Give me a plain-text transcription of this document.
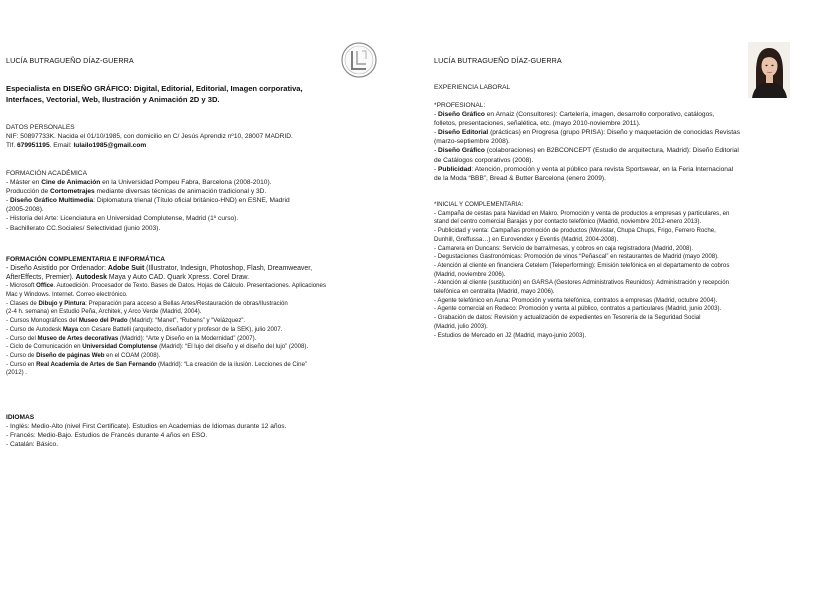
LUCÍA BUTRAGUEÑO DÍAZ-GUERRA
Especialista en DISEÑO GRÁFICO: Digital, Editorial, Editorial, Imagen corporativa,
Interfaces, Vectorial, Web, Ilustración y Animación 2D y 3D.

DATOS PERSONALES

NIF: 50897733K. Nacida el 01/10/1985, con domicilio en C/ Jesús Aprendiz nº10, 28007 MADRID.

Tlf. 679951195. Email: lulailo1985@gmail.com

FORMACIÓN ACADÉMICA

- Máster en Cine de Animación en la Universidad Pompeu Fabra, Barcelona (2008-2010).

Producción de Cortometrajes mediante diversas técnicas de animación tradicional y 3D.

- Diseño Gráfico Multimedia: Diplomatura trienal (Título oficial británico-HND) en ESNE, Madrid

(2005-2008).

- Historia del Arte: Licenciatura en Universidad Complutense, Madrid (1º curso).

- Bachillerato CC.Sociales/ Selectividad (junio 2003).

FORMACIÓN COMPLEMENTARIA E INFORMÁTICA

- Diseño Asistido por Ordenador: Adobe Suit (Illustrator, Indesign, Photoshop, Flash, Dreamweaver,

AfterEffects, Premier). Autodesk Maya y Auto CAD. Quark Xpress. Corel Draw.

- Microsoft Office. Autoedición. Procesador de Texto. Bases de Datos. Hojas de Cálculo. Presentaciones. Aplicaciones

Mac y Windows. Internet. Correo electrónico.

- Clases de Dibujo y Pintura: Preparación para acceso a Bellas Artes/Restauración de obras/Ilustración

(2-4 h. semana) en Estudio Peña, Architek, y Arco Verde (Madrid, 2004).

- Cursos Monográficos del Museo del Prado (Madrid): “Manet”, “Rubens” y “Velázquez”.

- Curso de Autodesk Maya con Cesare Battelli (arquitecto, diseñador y profesor de la SEK), julio 2007.

- Curso del Museo de Artes decorativas (Madrid): “Arte y Diseño en la Modernidad” (2007).

- Ciclo de Comunicación en Universidad Complutense (Madrid): “El lujo del diseño y el diseño del lujo” (2008).

- Curso de Diseño de páginas Web en el COAM (2008).

- Curso en Real Academia de Artes de San Fernando (Madrid): “La creación de la ilusión. Lecciones de Cine”

(2012) .

IDIOMAS

- Inglés: Medio-Alto (nivel First Certificate). Estudios en Academias de Idiomas durante 12 años.

- Francés: Medio-Bajo. Estudios de Francés durante 4 años en ESO.

- Catalán: Básico.

LUCÍA BUTRAGUEÑO DÍAZ-GUERRA
EXPERIENCIA LABORAL

*PROFESIONAL:

- Diseño Gráfico en Arnaiz (Consultores): Cartelería, imagen, desarrollo corporativo, catálogos,

folletos, presentaciones, señalética, etc. (mayo 2010-noviembre 2011).

- Diseño Editorial (prácticas) en Progresa (grupo PRISA): Diseño y maquetación de conocidas Revistas

(marzo-septiembre 2008).

- Diseño Gráfico (colaboraciones) en B2BCONCEPT (Estudio de arquitectura, Madrid): Diseño Editorial

de Catálogos corporativos (2008).

- Publicidad: Atención, promoción y venta al público para revista Sportswear, en la Feria Internacional

de la Moda “BBB”, Bread & Butter Barcelona (enero 2009).

*INICIAL Y COMPLEMENTARIA:

- Campaña de cestas para Navidad en Makro. Promoción y venta de productos a empresas y particulares, en

stand del centro comercial Barajas y por contacto telefónico (Madrid, noviembre 2012-enero 2013).

- Publicidad y venta: Campañas promoción de productos (Movistar, Chupa Chups, Frigo, Ferrero Roche,

Dunhill, Greffussa…) en Eurovendex y Eventis (Madrid, 2004-2008).

- Camarera en Duncans: Servicio de barra/mesas, y cobros en caja registradora (Madrid, 2008).

- Degustaciones Gastronómicas: Promoción de vinos “Peñascal” en restaurantes de Madrid (mayo 2008).

- Atención al cliente en financiera Cetelem (Teleperforming): Emisión telefónica en el departamento de cobros

(Madrid, noviembre 2006).

- Atención al cliente (sustitución) en GARSA (Gestores Administrativos Reunidos): Administración y recepción

telefónica en centralita (Madrid, mayo 2006).

- Agente telefónico en Auna: Promoción y venta telefónica, contratos a empresas (Madrid, octubre 2004).

- Agente comercial en Redeco: Promoción y venta al público, contratos a particulares (Madrid, junio 2003).

- Grabación de datos: Revisión y actualización de expedientes en Tesorería de la Seguridad Social

(Madrid, julio 2003).

- Estudios de Mercado en J2 (Madrid, mayo-junio 2003).
